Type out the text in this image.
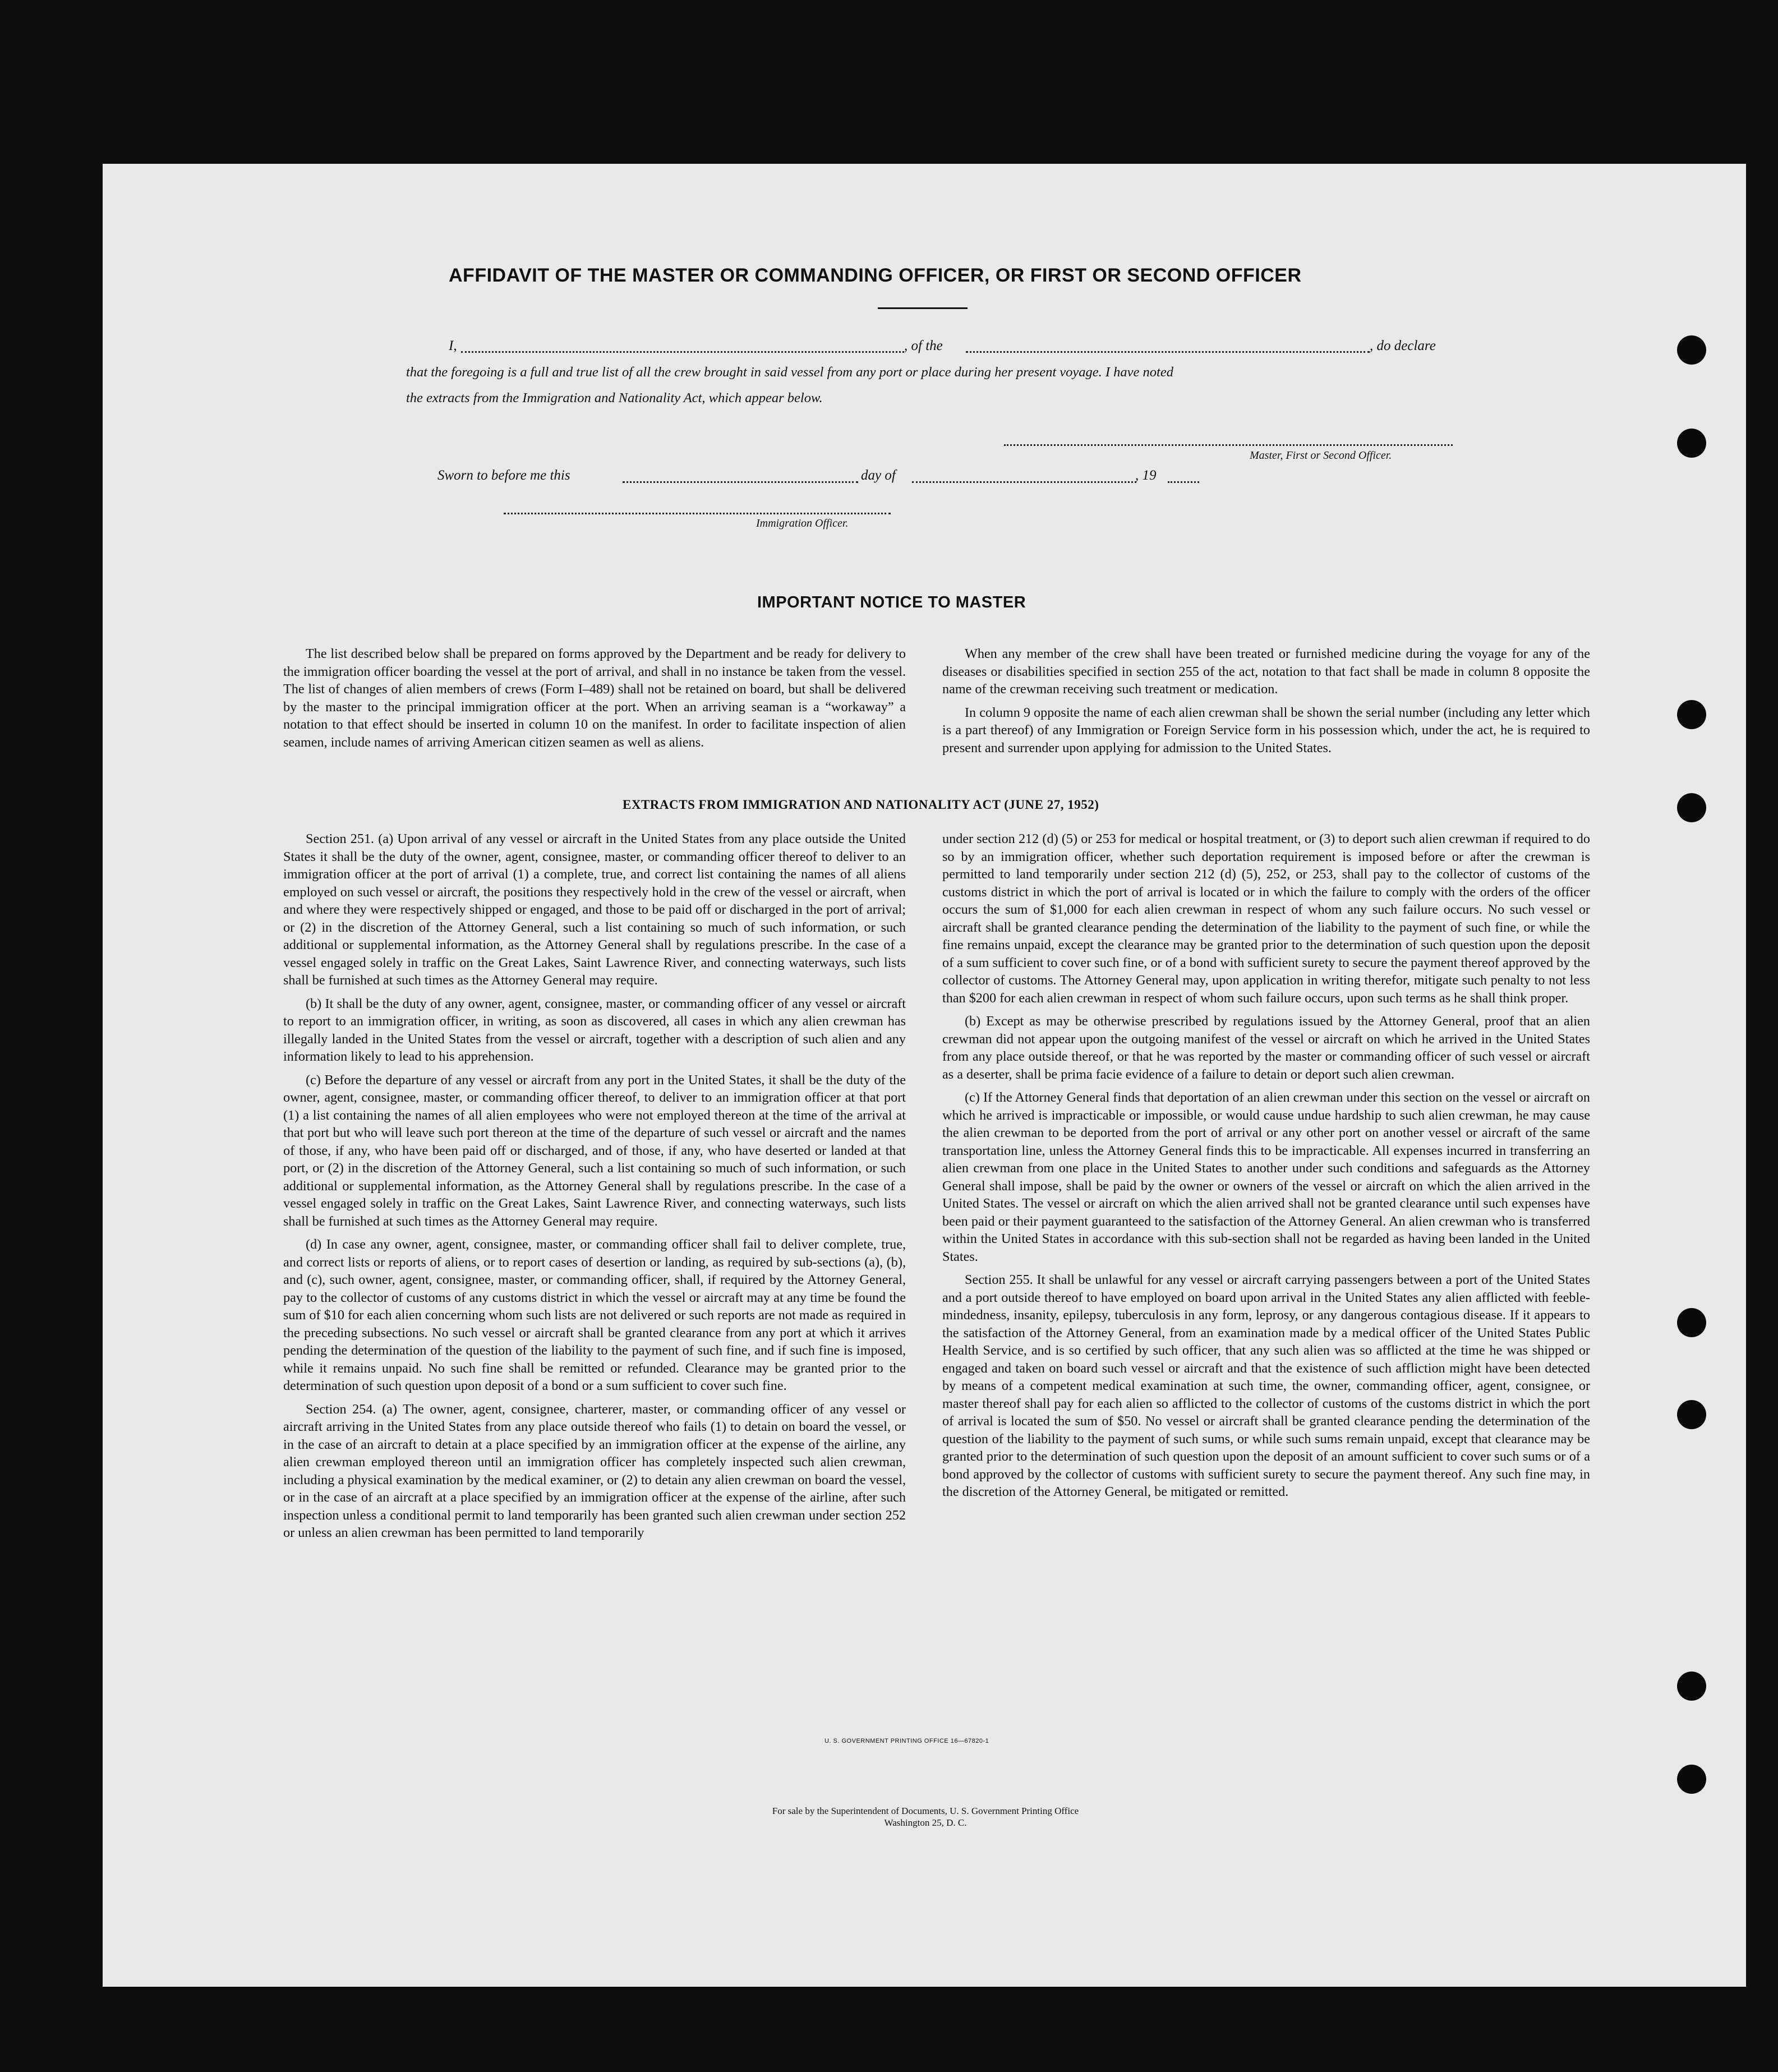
AFFIDAVIT OF THE MASTER OR COMMANDING OFFICER, OR FIRST OR SECOND OFFICER
I,	, of the	, do declare
that the foregoing is a full and true list of all the crew brought in said vessel from any port or place during her present voyage. I have noted
the extracts from the Immigration and Nationality Act, which appear below.
Master, First or Second Officer.
Sworn to before me this	day of	, 19
Immigration Officer.
IMPORTANT NOTICE TO MASTER

The list described below shall be prepared on forms approved by the Department and be ready for delivery to the immigration officer boarding the vessel at the port of arrival, and shall in no instance be taken from the vessel. The list of changes of alien members of crews (Form I–489) shall not be retained on board, but shall be delivered by the master to the principal immigration officer at the port. When an arriving seaman is a “workaway” a notation to that effect should be inserted in column 10 on the manifest. In order to facilitate inspection of alien seamen, include names of arriving American citizen seamen as well as aliens.

When any member of the crew shall have been treated or furnished medicine during the voyage for any of the diseases or disabilities specified in section 255 of the act, notation to that fact shall be made in column 8 opposite the name of the crewman receiving such treatment or medication.

In column 9 opposite the name of each alien crewman shall be shown the serial number (including any letter which is a part thereof) of any Immigration or Foreign Service form in his possession which, under the act, he is required to present and surrender upon applying for admission to the United States.

EXTRACTS FROM IMMIGRATION AND NATIONALITY ACT (JUNE 27, 1952)

Section 251. (a) Upon arrival of any vessel or aircraft in the United States from any place outside the United States it shall be the duty of the owner, agent, consignee, master, or commanding officer thereof to deliver to an immigration officer at the port of arrival (1) a complete, true, and correct list containing the names of all aliens employed on such vessel or aircraft, the positions they respectively hold in the crew of the vessel or aircraft, when and where they were respectively shipped or engaged, and those to be paid off or discharged in the port of arrival; or (2) in the discretion of the Attorney General, such a list containing so much of such information, or such additional or supplemental information, as the Attorney General shall by regulations prescribe. In the case of a vessel engaged solely in traffic on the Great Lakes, Saint Lawrence River, and connecting waterways, such lists shall be furnished at such times as the Attorney General may require.

(b) It shall be the duty of any owner, agent, consignee, master, or commanding officer of any vessel or aircraft to report to an immigration officer, in writing, as soon as discovered, all cases in which any alien crewman has illegally landed in the United States from the vessel or aircraft, together with a description of such alien and any information likely to lead to his apprehension.

(c) Before the departure of any vessel or aircraft from any port in the United States, it shall be the duty of the owner, agent, consignee, master, or commanding officer thereof, to deliver to an immigration officer at that port (1) a list containing the names of all alien employees who were not employed thereon at the time of the arrival at that port but who will leave such port thereon at the time of the departure of such vessel or aircraft and the names of those, if any, who have been paid off or discharged, and of those, if any, who have deserted or landed at that port, or (2) in the discretion of the Attorney General, such a list containing so much of such information, or such additional or supplemental information, as the Attorney General shall by regulations prescribe. In the case of a vessel engaged solely in traffic on the Great Lakes, Saint Lawrence River, and connecting waterways, such lists shall be furnished at such times as the Attorney General may require.

(d) In case any owner, agent, consignee, master, or commanding officer shall fail to deliver complete, true, and correct lists or reports of aliens, or to report cases of desertion or landing, as required by sub-sections (a), (b), and (c), such owner, agent, consignee, master, or commanding officer, shall, if required by the Attorney General, pay to the collector of customs of any customs district in which the vessel or aircraft may at any time be found the sum of $10 for each alien concerning whom such lists are not delivered or such reports are not made as required in the preceding subsections. No such vessel or aircraft shall be granted clearance from any port at which it arrives pending the determination of the question of the liability to the payment of such fine, and if such fine is imposed, while it remains unpaid. No such fine shall be remitted or refunded. Clearance may be granted prior to the determination of such question upon deposit of a bond or a sum sufficient to cover such fine.

Section 254. (a) The owner, agent, consignee, charterer, master, or commanding officer of any vessel or aircraft arriving in the United States from any place outside thereof who fails (1) to detain on board the vessel, or in the case of an aircraft to detain at a place specified by an immigration officer at the expense of the airline, any alien crewman employed thereon until an immigration officer has completely inspected such alien crewman, including a physical examination by the medical examiner, or (2) to detain any alien crewman on board the vessel, or in the case of an aircraft at a place specified by an immigration officer at the expense of the airline, after such inspection unless a conditional permit to land temporarily has been granted such alien crewman under section 252 or unless an alien crewman has been permitted to land temporarily

under section 212 (d) (5) or 253 for medical or hospital treatment, or (3) to deport such alien crewman if required to do so by an immigration officer, whether such deportation requirement is imposed before or after the crewman is permitted to land temporarily under section 212 (d) (5), 252, or 253, shall pay to the collector of customs of the customs district in which the port of arrival is located or in which the failure to comply with the orders of the officer occurs the sum of $1,000 for each alien crewman in respect of whom any such failure occurs. No such vessel or aircraft shall be granted clearance pending the determination of the liability to the payment of such fine, or while the fine remains unpaid, except the clearance may be granted prior to the determination of such question upon the deposit of a sum sufficient to cover such fine, or of a bond with sufficient surety to secure the payment thereof approved by the collector of customs. The Attorney General may, upon application in writing therefor, mitigate such penalty to not less than $200 for each alien crewman in respect of whom such failure occurs, upon such terms as he shall think proper.

(b) Except as may be otherwise prescribed by regulations issued by the Attorney General, proof that an alien crewman did not appear upon the outgoing manifest of the vessel or aircraft on which he arrived in the United States from any place outside thereof, or that he was reported by the master or commanding officer of such vessel or aircraft as a deserter, shall be prima facie evidence of a failure to detain or deport such alien crewman.

(c) If the Attorney General finds that deportation of an alien crewman under this section on the vessel or aircraft on which he arrived is impracticable or impossible, or would cause undue hardship to such alien crewman, he may cause the alien crewman to be deported from the port of arrival or any other port on another vessel or aircraft of the same transportation line, unless the Attorney General finds this to be impracticable. All expenses incurred in transferring an alien crewman from one place in the United States to another under such conditions and safeguards as the Attorney General shall impose, shall be paid by the owner or owners of the vessel or aircraft on which the alien arrived in the United States. The vessel or aircraft on which the alien arrived shall not be granted clearance until such expenses have been paid or their payment guaranteed to the satisfaction of the Attorney General. An alien crewman who is transferred within the United States in accordance with this sub-section shall not be regarded as having been landed in the United States.

Section 255. It shall be unlawful for any vessel or aircraft carrying passengers between a port of the United States and a port outside thereof to have employed on board upon arrival in the United States any alien afflicted with feeble-mindedness, insanity, epilepsy, tuberculosis in any form, leprosy, or any dangerous contagious disease. If it appears to the satisfaction of the Attorney General, from an examination made by a medical officer of the United States Public Health Service, and is so certified by such officer, that any such alien was so afflicted at the time he was shipped or engaged and taken on board such vessel or aircraft and that the existence of such affliction might have been detected by means of a competent medical examination at such time, the owner, commanding officer, agent, consignee, or master thereof shall pay for each alien so afflicted to the collector of customs of the customs district in which the port of arrival is located the sum of $50. No vessel or aircraft shall be granted clearance pending the determination of the question of the liability to the payment of such sums, or while such sums remain unpaid, except that clearance may be granted prior to the determination of such question upon the deposit of an amount sufficient to cover such sums or of a bond approved by the collector of customs with sufficient surety to secure the payment thereof. Any such fine may, in the discretion of the Attorney General, be mitigated or remitted.

U. S. GOVERNMENT PRINTING OFFICE 16—67820-1
For sale by the Superintendent of Documents, U. S. Government Printing Office
Washington 25, D. C.
